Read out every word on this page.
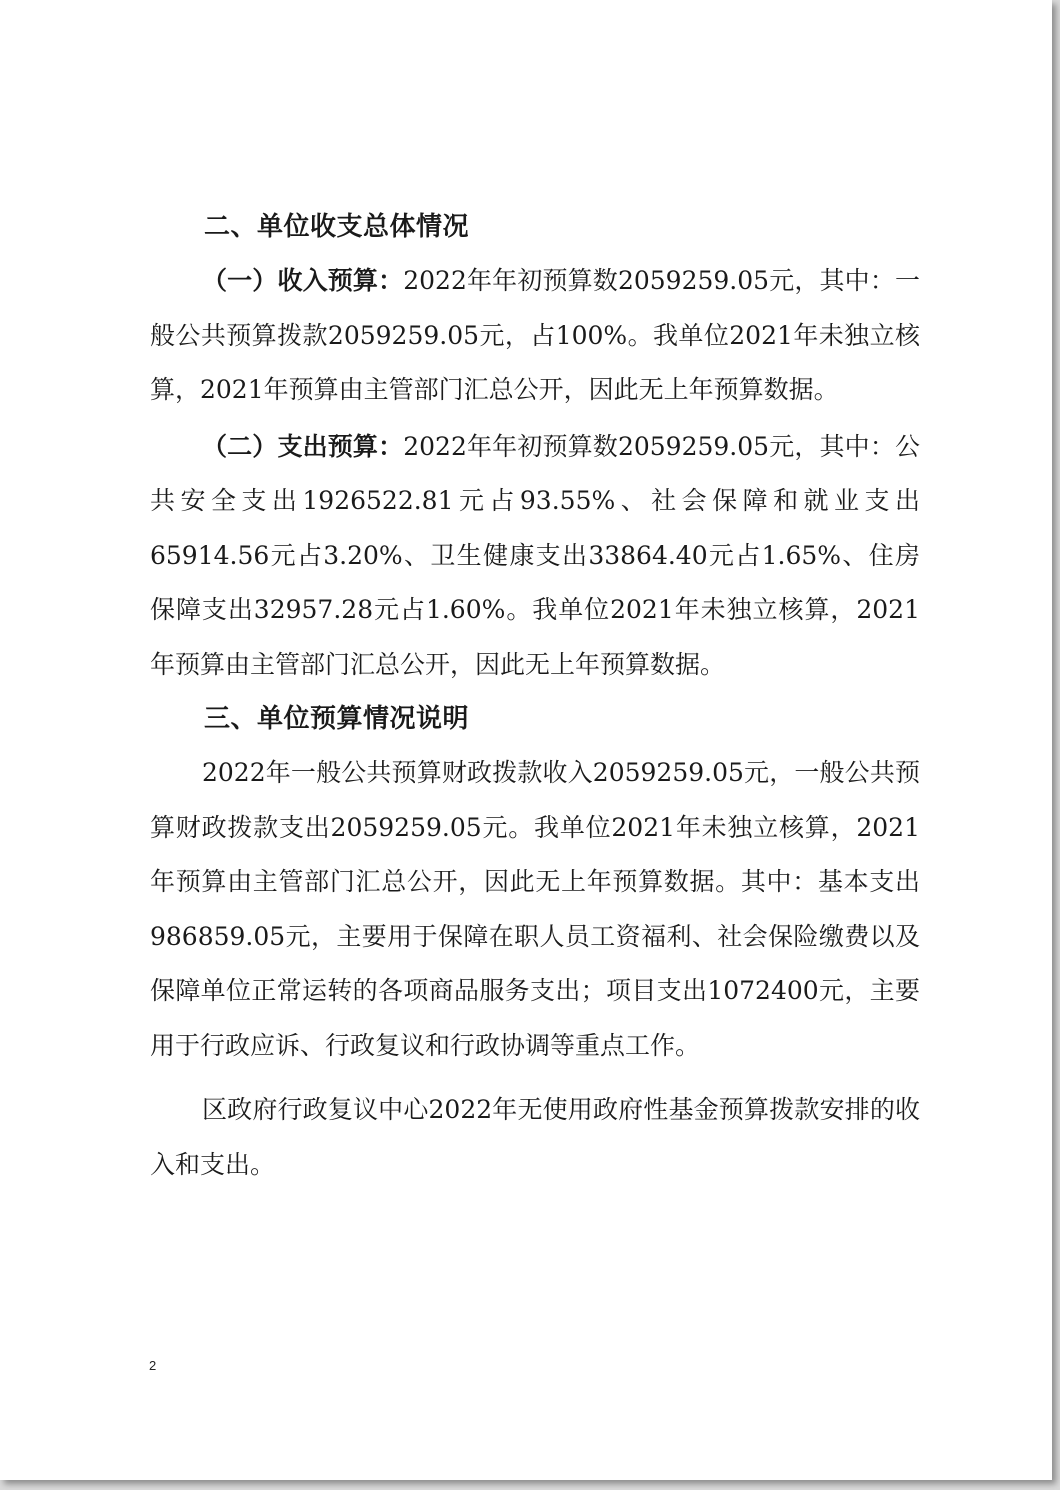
二、单位收支总体情况

（一）收入预算：2022年年初预算数2059259.05元，其中：一般公共预算拨款2059259.05元，占100%。我单位2021年未独立核算，2021年预算由主管部门汇总公开，因此无上年预算数据。

（二）支出预算：2022年年初预算数2059259.05元，其中：公共安全支出1926522.81元占93.55%、社会保障和就业支出65914.56元占3.20%、卫生健康支出33864.40元占1.65%、住房保障支出32957.28元占1.60%。我单位2021年未独立核算，2021年预算由主管部门汇总公开，因此无上年预算数据。

三、单位预算情况说明

2022年一般公共预算财政拨款收入2059259.05元，一般公共预算财政拨款支出2059259.05元。我单位2021年未独立核算，2021年预算由主管部门汇总公开，因此无上年预算数据。其中：基本支出986859.05元，主要用于保障在职人员工资福利、社会保险缴费以及保障单位正常运转的各项商品服务支出；项目支出1072400元，主要用于行政应诉、行政复议和行政协调等重点工作。

区政府行政复议中心2022年无使用政府性基金预算拨款安排的收入和支出。

2
